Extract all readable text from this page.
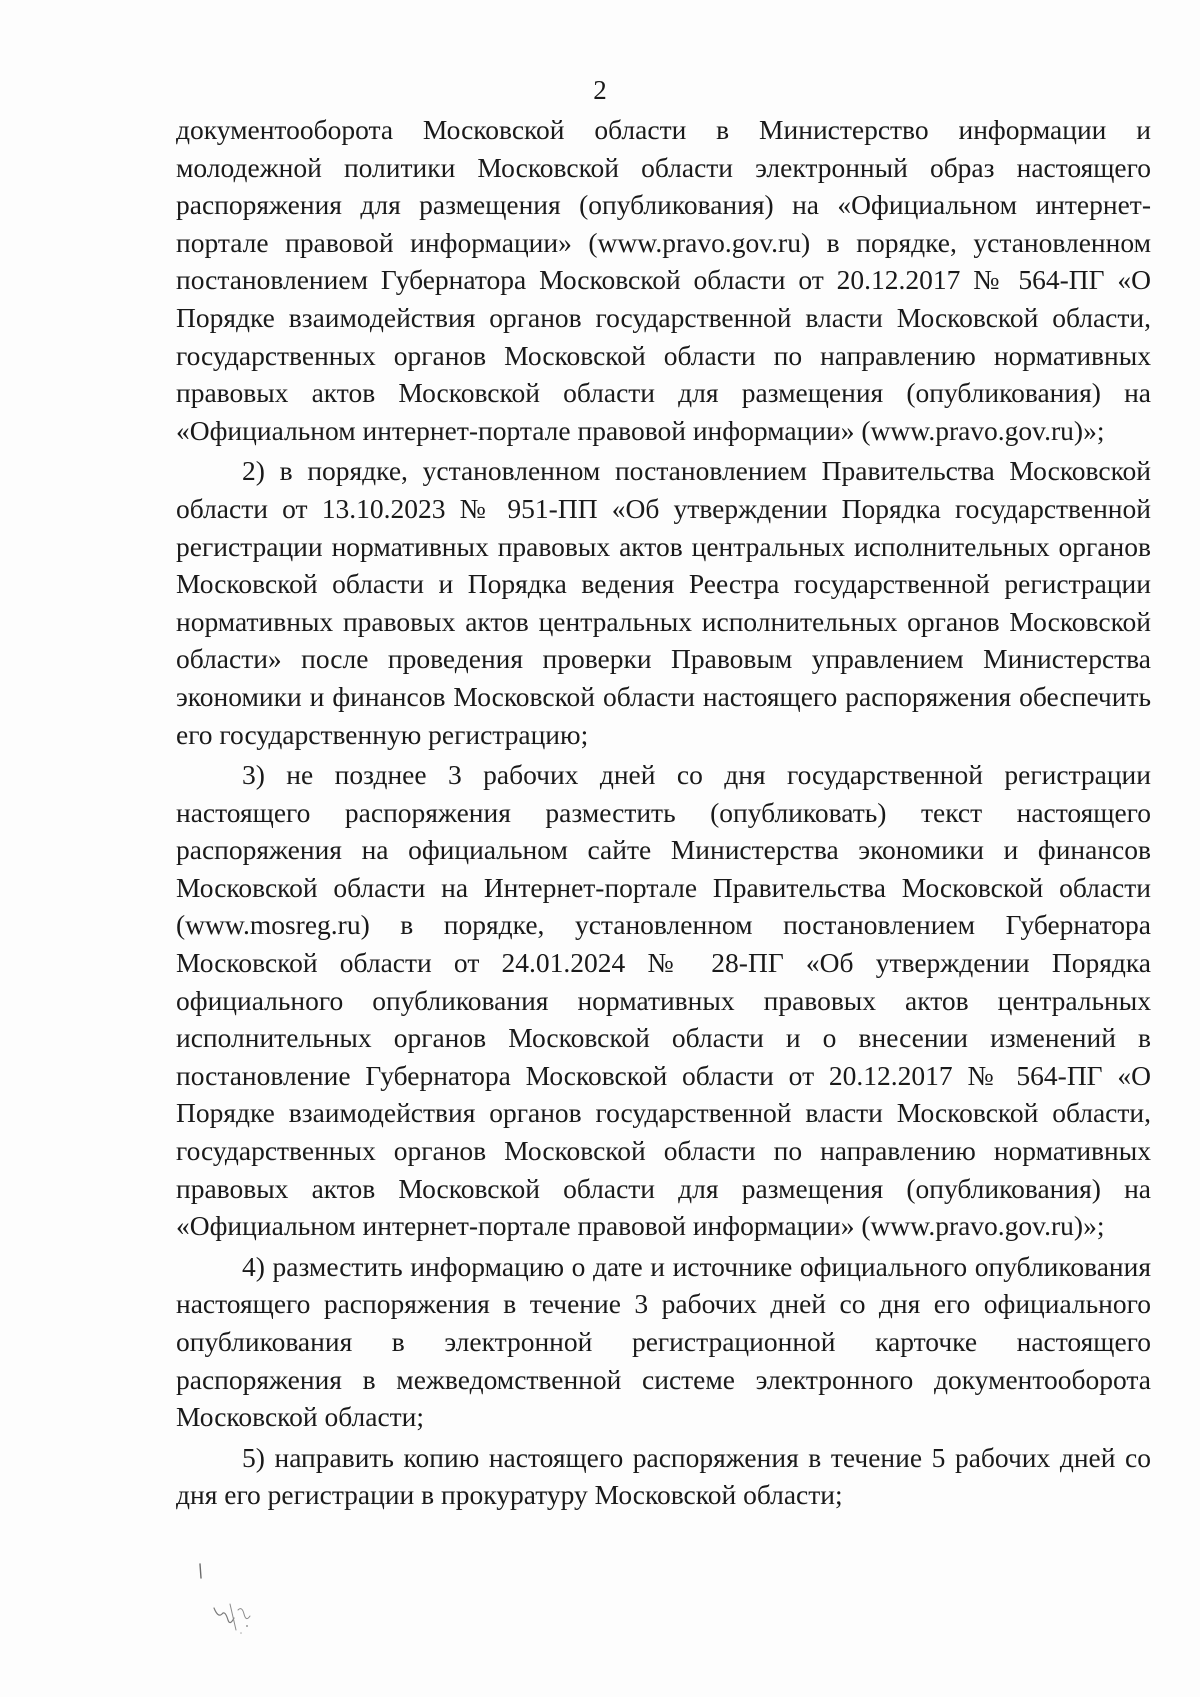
2

документооборота Московской области в Министерство информации и молодежной политики Московской области электронный образ настоящего распоряжения для размещения (опубликования) на «Официальном интернет-портале правовой информации» (www.pravo.gov.ru) в порядке, установленном постановлением Губернатора Московской области от 20.12.2017 № 564-ПГ «О Порядке взаимодействия органов государственной власти Московской области, государственных органов Московской области по направлению нормативных правовых актов Московской области для размещения (опубликования) на «Официальном интернет-портале правовой информации» (www.pravo.gov.ru)»;

2) в порядке, установленном постановлением Правительства Московской области от 13.10.2023 № 951-ПП «Об утверждении Порядка государственной регистрации нормативных правовых актов центральных исполнительных органов Московской области и Порядка ведения Реестра государственной регистрации нормативных правовых актов центральных исполнительных органов Московской области» после проведения проверки Правовым управлением Министерства экономики и финансов Московской области настоящего распоряжения обеспечить его государственную регистрацию;

3) не позднее 3 рабочих дней со дня государственной регистрации настоящего распоряжения разместить (опубликовать) текст настоящего распоряжения на официальном сайте Министерства экономики и финансов Московской области на Интернет-портале Правительства Московской области (www.mosreg.ru) в порядке, установленном постановлением Губернатора Московской области от 24.01.2024 № 28-ПГ «Об утверждении Порядка официального опубликования нормативных правовых актов центральных исполнительных органов Московской области и о внесении изменений в постановление Губернатора Московской области от 20.12.2017 № 564-ПГ «О Порядке взаимодействия органов государственной власти Московской области, государственных органов Московской области по направлению нормативных правовых актов Московской области для размещения (опубликования) на «Официальном интернет-портале правовой информации» (www.pravo.gov.ru)»;

4) разместить информацию о дате и источнике официального опубликования настоящего распоряжения в течение 3 рабочих дней со дня его официального опубликования в электронной регистрационной карточке настоящего распоряжения в межведомственной системе электронного документооборота Московской области;

5) направить копию настоящего распоряжения в течение 5 рабочих дней со дня его регистрации в прокуратуру Московской области;
